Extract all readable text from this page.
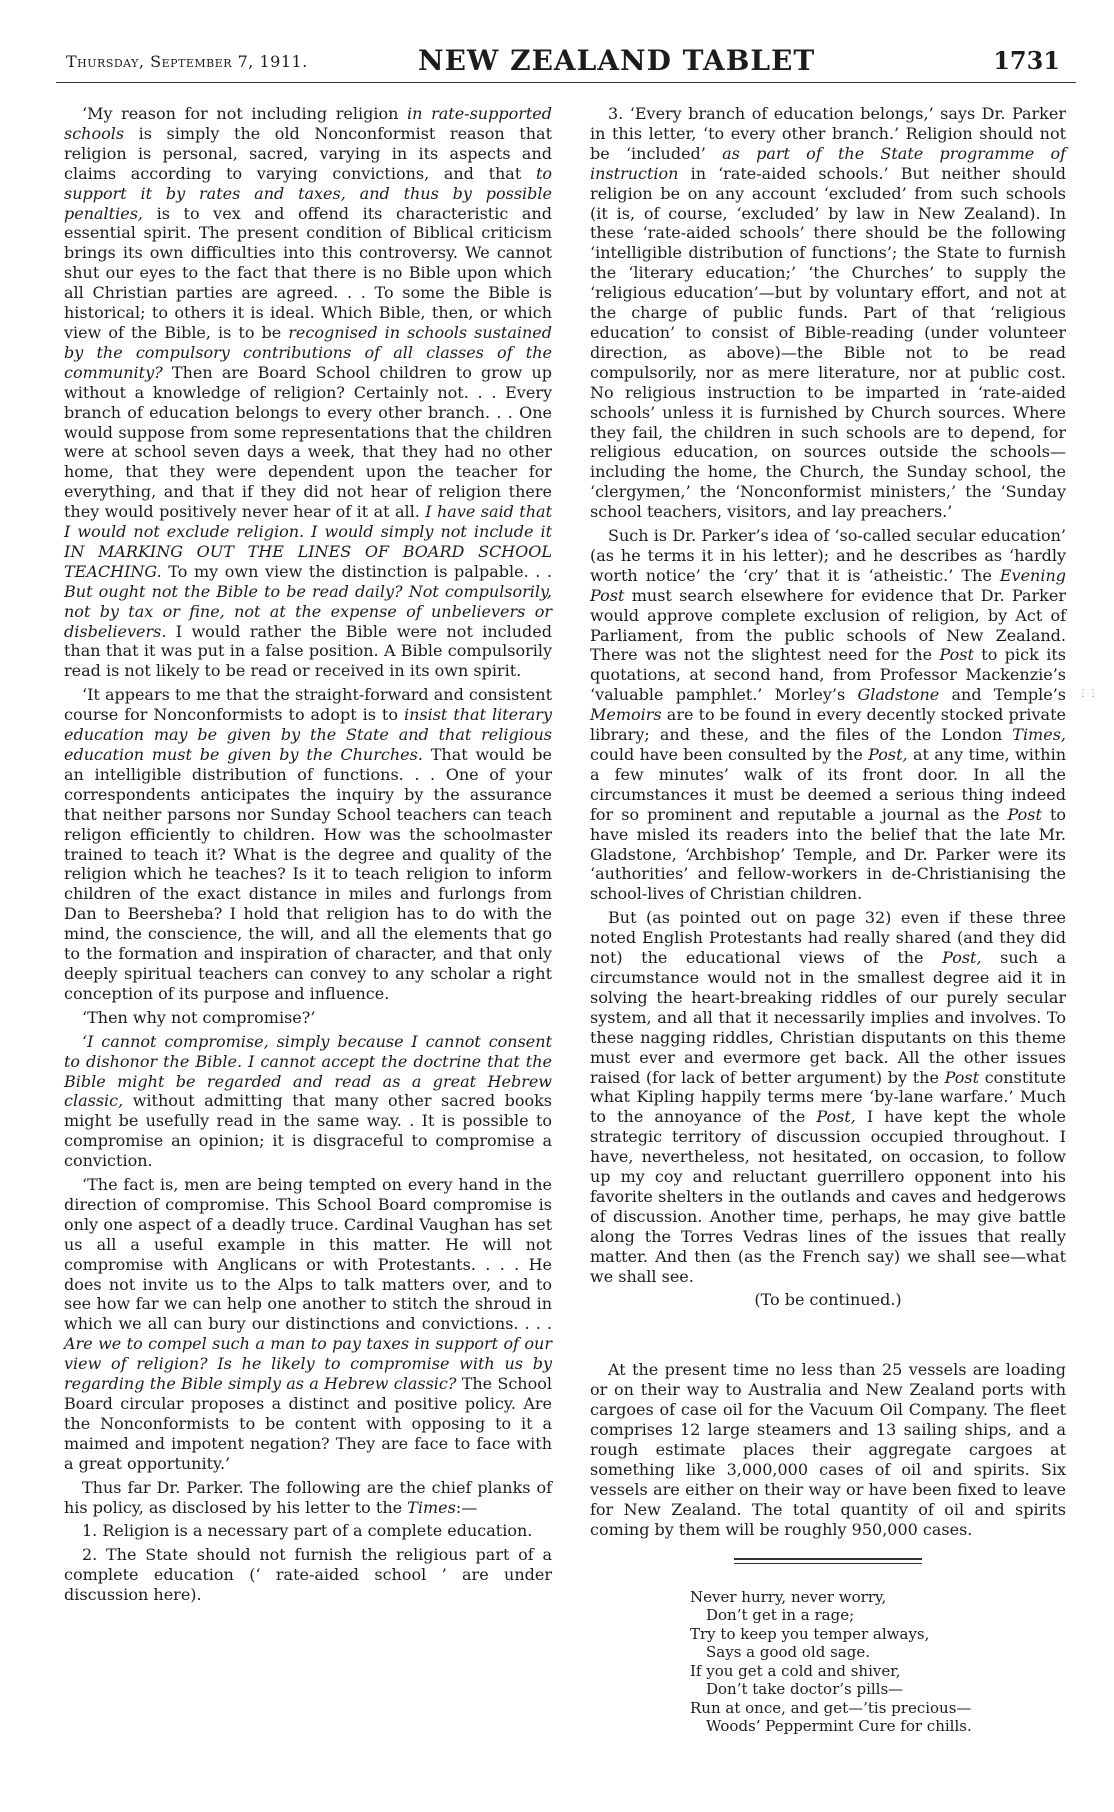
Thursday, September 7, 1911.	NEW ZEALAND TABLET	1731

‘My reason for not including religion in rate-supported schools is simply the old Nonconformist reason that religion is personal, sacred, varying in its aspects and claims according to varying convictions, and that to support it by rates and taxes, and thus by possible penalties, is to vex and offend its characteristic and essential spirit. The present condition of Biblical criticism brings its own difficulties into this controversy. We cannot shut our eyes to the fact that there is no Bible upon which all Christian parties are agreed. . . To some the Bible is historical; to others it is ideal. Which Bible, then, or which view of the Bible, is to be recognised in schools sustained by the compulsory contributions of all classes of the community? Then are Board School children to grow up without a knowledge of religion? Certainly not. . . Every branch of education belongs to every other branch. . . One would suppose from some representations that the children were at school seven days a week, that they had no other home, that they were dependent upon the teacher for everything, and that if they did not hear of religion there they would positively never hear of it at all. I have said that I would not exclude religion. I would simply not include it IN MARKING OUT THE LINES OF BOARD SCHOOL TEACHING. To my own view the distinction is palpable. . . But ought not the Bible to be read daily? Not compulsorily, not by tax or fine, not at the expense of unbelievers or disbelievers. I would rather the Bible were not included than that it was put in a false position. A Bible compulsorily read is not likely to be read or received in its own spirit.

‘It appears to me that the straight-forward and consistent course for Nonconformists to adopt is to insist that literary education may be given by the State and that religious education must be given by the Churches. That would be an intelligible distribution of functions. . . One of your correspondents anticipates the inquiry by the assurance that neither parsons nor Sunday School teachers can teach religon efficiently to children. How was the schoolmaster trained to teach it? What is the degree and quality of the religion which he teaches? Is it to teach religion to inform children of the exact distance in miles and furlongs from Dan to Beersheba? I hold that religion has to do with the mind, the conscience, the will, and all the elements that go to the formation and inspiration of character, and that only deeply spiritual teachers can convey to any scholar a right conception of its purpose and influence.

‘Then why not compromise?’

‘I cannot compromise, simply because I cannot consent to dishonor the Bible. I cannot accept the doctrine that the Bible might be regarded and read as a great Hebrew classic, without admitting that many other sacred books might be usefully read in the same way. . It is possible to compromise an opinion; it is disgraceful to compromise a conviction.

‘The fact is, men are being tempted on every hand in the direction of compromise. This School Board compromise is only one aspect of a deadly truce. Cardinal Vaughan has set us all a useful example in this matter. He will not compromise with Anglicans or with Protestants. . . . He does not invite us to the Alps to talk matters over, and to see how far we can help one another to stitch the shroud in which we all can bury our distinctions and convictions. . . . Are we to compel such a man to pay taxes in support of our view of religion? Is he likely to compromise with us by regarding the Bible simply as a Hebrew classic? The School Board circular proposes a distinct and positive policy. Are the Nonconformists to be content with opposing to it a maimed and impotent negation? They are face to face with a great opportunity.’

Thus far Dr. Parker. The following are the chief planks of his policy, as disclosed by his letter to the Times:—

1. Religion is a necessary part of a complete education.

2. The State should not furnish the religious part of a complete education (‘ rate-aided school ’ are under discussion here).

3. ‘Every branch of education belongs,’ says Dr. Parker in this letter, ‘to every other branch.’ Religion should not be ‘included’ as part of the State programme of instruction in ‘rate-aided schools.’ But neither should religion be on any account ‘excluded’ from such schools (it is, of course, ‘excluded’ by law in New Zealand). In these ‘rate-aided schools’ there should be the following ‘intelligible distribution of functions’; the State to furnish the ‘literary education;’ ‘the Churches’ to supply the ‘religious education’—but by voluntary effort, and not at the charge of public funds. Part of that ‘religious education’ to consist of Bible-reading (under volunteer direction, as above)—the Bible not to be read compulsorily, nor as mere literature, nor at public cost. No religious instruction to be imparted in ‘rate-aided schools’ unless it is furnished by Church sources. Where they fail, the children in such schools are to depend, for religious education, on sources outside the schools—including the home, the Church, the Sunday school, the ‘clergymen,’ the ‘Nonconformist ministers,’ the ‘Sunday school teachers, visitors, and lay preachers.’

Such is Dr. Parker’s idea of ‘so-called secular education’ (as he terms it in his letter); and he describes as ‘hardly worth notice’ the ‘cry’ that it is ‘atheistic.’ The Evening Post must search elsewhere for evidence that Dr. Parker would approve complete exclusion of religion, by Act of Parliament, from the public schools of New Zealand. There was not the slightest need for the Post to pick its quotations, at second hand, from Professor Mackenzie’s ‘valuable pamphlet.’ Morley’s Gladstone and Temple’s Memoirs are to be found in every decently stocked private library; and these, and the files of the London Times, could have been consulted by the Post, at any time, within a few minutes’ walk of its front door. In all the circumstances it must be deemed a serious thing indeed for so prominent and reputable a journal as the Post to have misled its readers into the belief that the late Mr. Gladstone, ‘Archbishop’ Temple, and Dr. Parker were its ‘authorities’ and fellow-workers in de-Christianising the school-lives of Christian children.

But (as pointed out on page 32) even if these three noted English Protestants had really shared (and they did not) the educational views of the Post, such a circumstance would not in the smallest degree aid it in solving the heart-breaking riddles of our purely secular system, and all that it necessarily implies and involves. To these nagging riddles, Christian disputants on this theme must ever and evermore get back. All the other issues raised (for lack of better argument) by the Post constitute what Kipling happily terms mere ‘by-lane warfare.’ Much to the annoyance of the Post, I have kept the whole strategic territory of discussion occupied throughout. I have, nevertheless, not hesitated, on occasion, to follow up my coy and reluctant guerrillero opponent into his favorite shelters in the outlands and caves and hedgerows of discussion. Another time, perhaps, he may give battle along the Torres Vedras lines of the issues that really matter. And then (as the French say) we shall see—what we shall see.

(To be continued.)

At the present time no less than 25 vessels are loading or on their way to Australia and New Zealand ports with cargoes of case oil for the Vacuum Oil Company. The fleet comprises 12 large steamers and 13 sailing ships, and a rough estimate places their aggregate cargoes at something like 3,000,000 cases of oil and spirits. Six vessels are either on their way or have been fixed to leave for New Zealand. The total quantity of oil and spirits coming by them will be roughly 950,000 cases.

Never hurry, never worry,
Don’t get in a rage;
Try to keep you temper always,
Says a good old sage.
If you get a cold and shiver,
Don’t take doctor’s pills—
Run at once, and get—’tis precious—
Woods’ Peppermint Cure for chills.
⋮⋮
